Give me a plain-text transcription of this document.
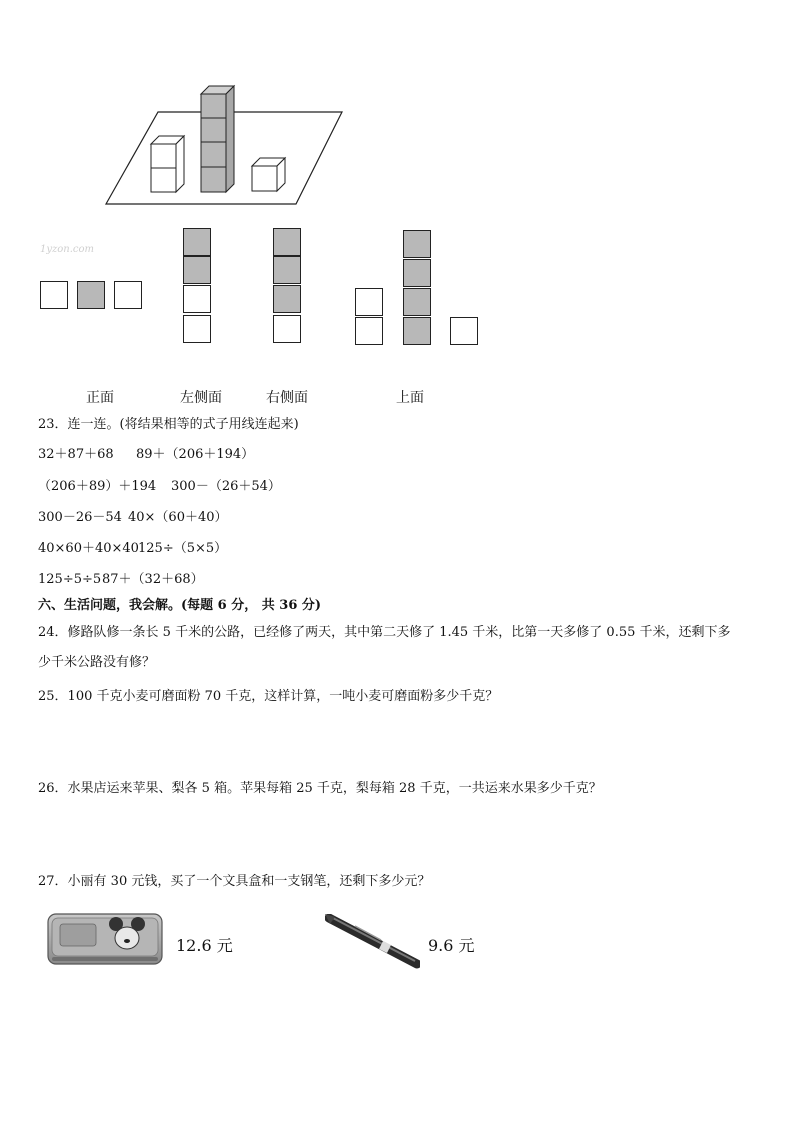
1yzon.com
正面	左侧面	右侧面	上面
23．连一连。(将结果相等的式子用线连起来)
32＋87＋68 89＋（206＋194）
（206＋89）＋194 300－（26＋54）
300－26－54 40×（60＋40）
40×60＋40×40 125÷（5×5）
125÷5÷5 87＋（32＋68）
六、生活问题，我会解。(每题 6 分， 共 36 分)
24．修路队修一条长 5 千米的公路，已经修了两天，其中第二天修了 1.45 千米，比第一天多修了 0.55 千米，还剩下多
少千米公路没有修？
25．100 千克小麦可磨面粉 70 千克，这样计算，一吨小麦可磨面粉多少千克？
26．水果店运来苹果、梨各 5 箱。苹果每箱 25 千克，梨每箱 28 千克，一共运来水果多少千克？
27．小丽有 30 元钱，买了一个文具盒和一支钢笔，还剩下多少元？
12.6 元	9.6 元
